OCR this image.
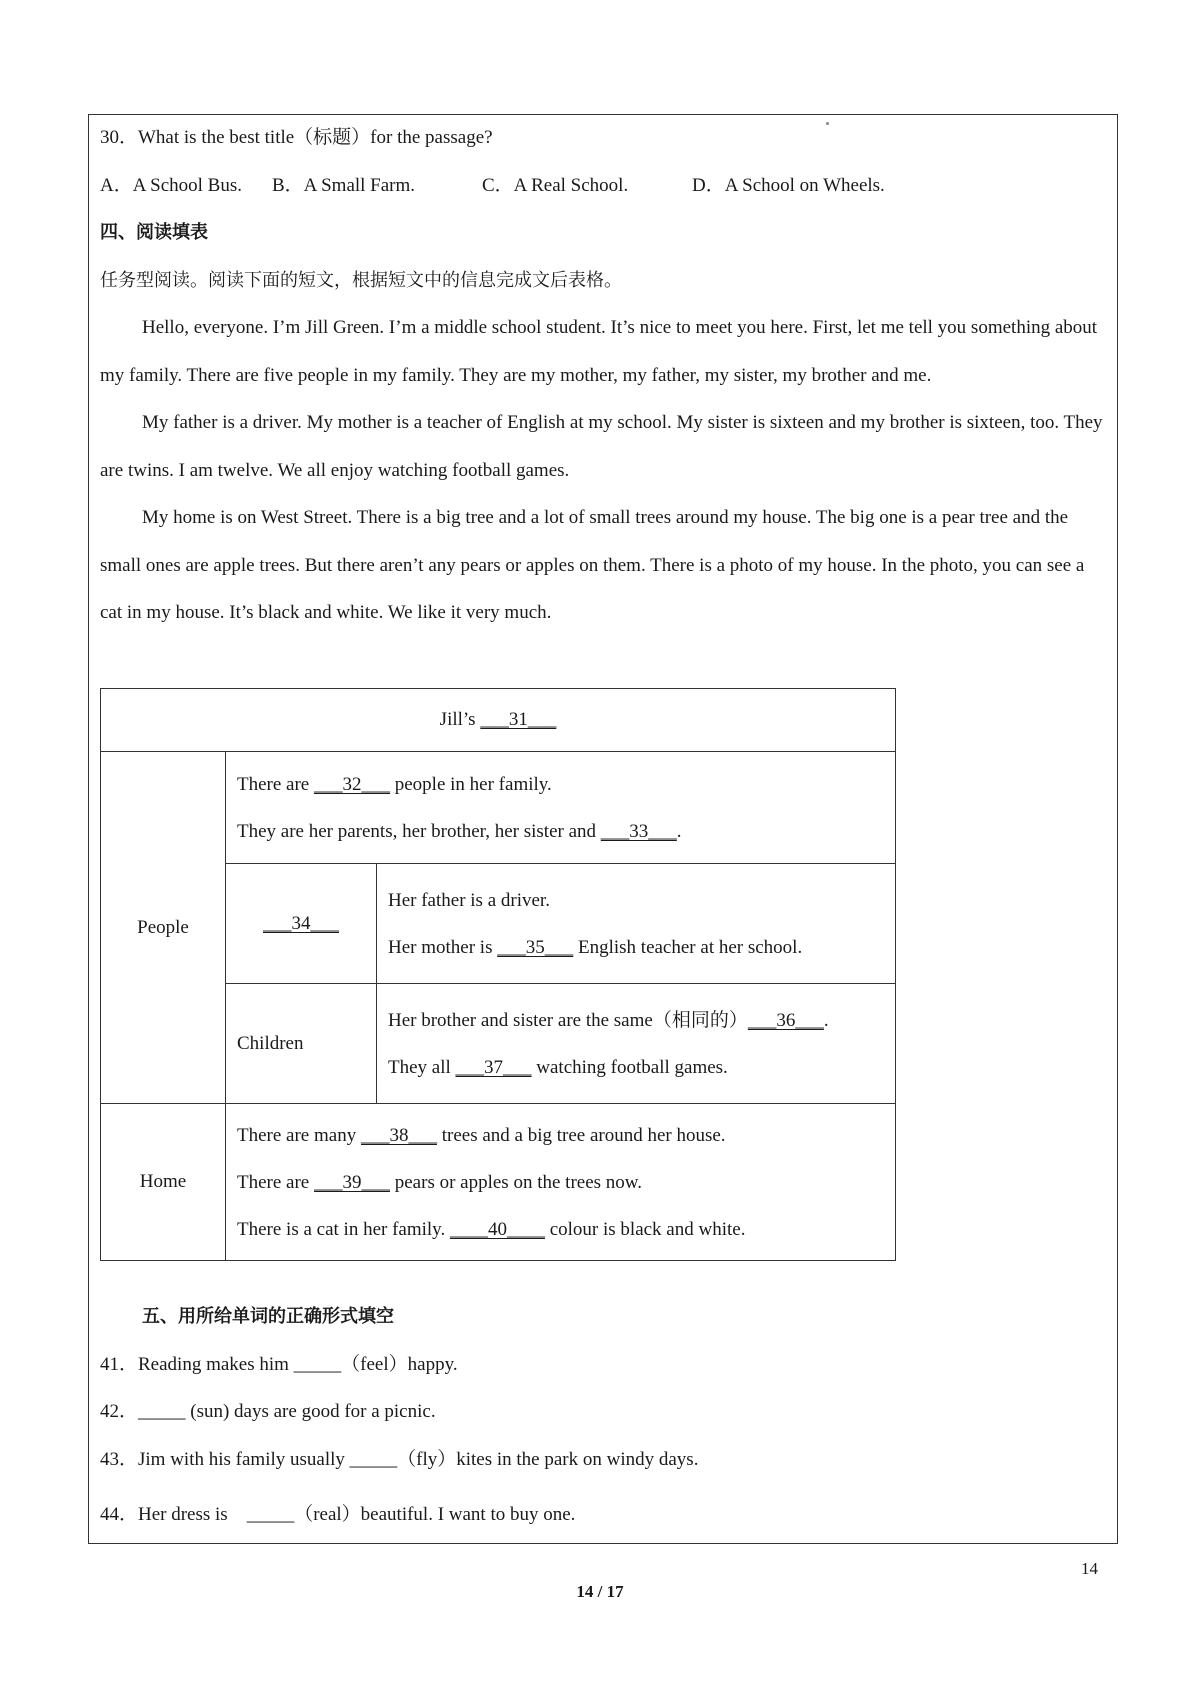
30．What is the best title（标题）for the passage?
A．A School Bus.	B．A Small Farm.	C．A Real School.	D．A School on Wheels.
四、阅读填表
任务型阅读。阅读下面的短文，根据短文中的信息完成文后表格。

Hello, everyone. I’m Jill Green. I’m a middle school student. It’s nice to meet you here. First, let me tell you something about my family. There are five people in my family. They are my mother, my father, my sister, my brother and me.

My father is a driver. My mother is a teacher of English at my school. My sister is sixteen and my brother is sixteen, too. They are twins. I am twelve. We all enjoy watching football games.

My home is on West Street. There is a big tree and a lot of small trees around my house. The big one is a pear tree and the small ones are apple trees. But there aren’t any pears or apples on them. There is a photo of my house. In the photo, you can see a cat in my house. It’s black and white. We like it very much.

Jill’s ___31___		
People	There are ___32___ people in her family.
They are her parents, her brother, her sister and ___33___.	

	___34___	Her father is a driver.
Her mother is ___35___ English teacher at her school.

	Children	Her brother and sister are the same（相同的）___36___.
They all ___37___ watching football games.

Home	There are many ___38___ trees and a big tree around her house.
There are ___39___ pears or apples on the trees now.
There is a cat in her family. ____40____ colour is black and white.	
五、用所给单词的正确形式填空
41．Reading makes him _____（feel）happy.
42．_____ (sun) days are good for a picnic.
43．Jim with his family usually _____（fly）kites in the park on windy days.
44．Her dress is    _____（real）beautiful. I want to buy one.
14
14 / 17
